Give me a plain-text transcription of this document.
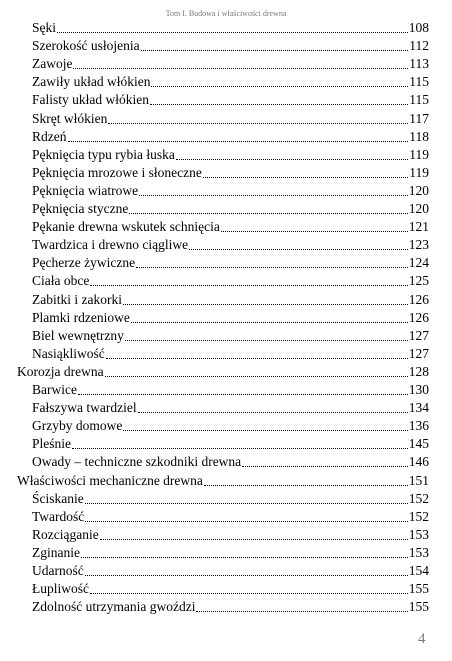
Tom I. Budowa i właściwości drewna
Sęki	108
Szerokość usłojenia	112
Zawoje	113
Zawiły układ włókien	115
Falisty układ włókien	115
Skręt włókien	117
Rdzeń	118
Pęknięcia typu rybia łuska	119
Pęknięcia mrozowe i słoneczne	119
Pęknięcia wiatrowe	120
Pęknięcia styczne	120
Pękanie drewna wskutek schnięcia	121
Twardzica i drewno ciągliwe	123
Pęcherze żywiczne	124
Ciała obce	125
Zabitki i zakorki	126
Plamki rdzeniowe	126
Biel wewnętrzny	127
Nasiąkliwość	127
Korozja drewna	128
Barwice	130
Fałszywa twardziel	134
Grzyby domowe	136
Pleśnie	145
Owady – techniczne szkodniki drewna	146
Właściwości mechaniczne drewna	151
Ściskanie	152
Twardość	152
Rozciąganie	153
Zginanie	153
Udarność	154
Łupliwość	155
Zdolność utrzymania gwoździ	155
4
